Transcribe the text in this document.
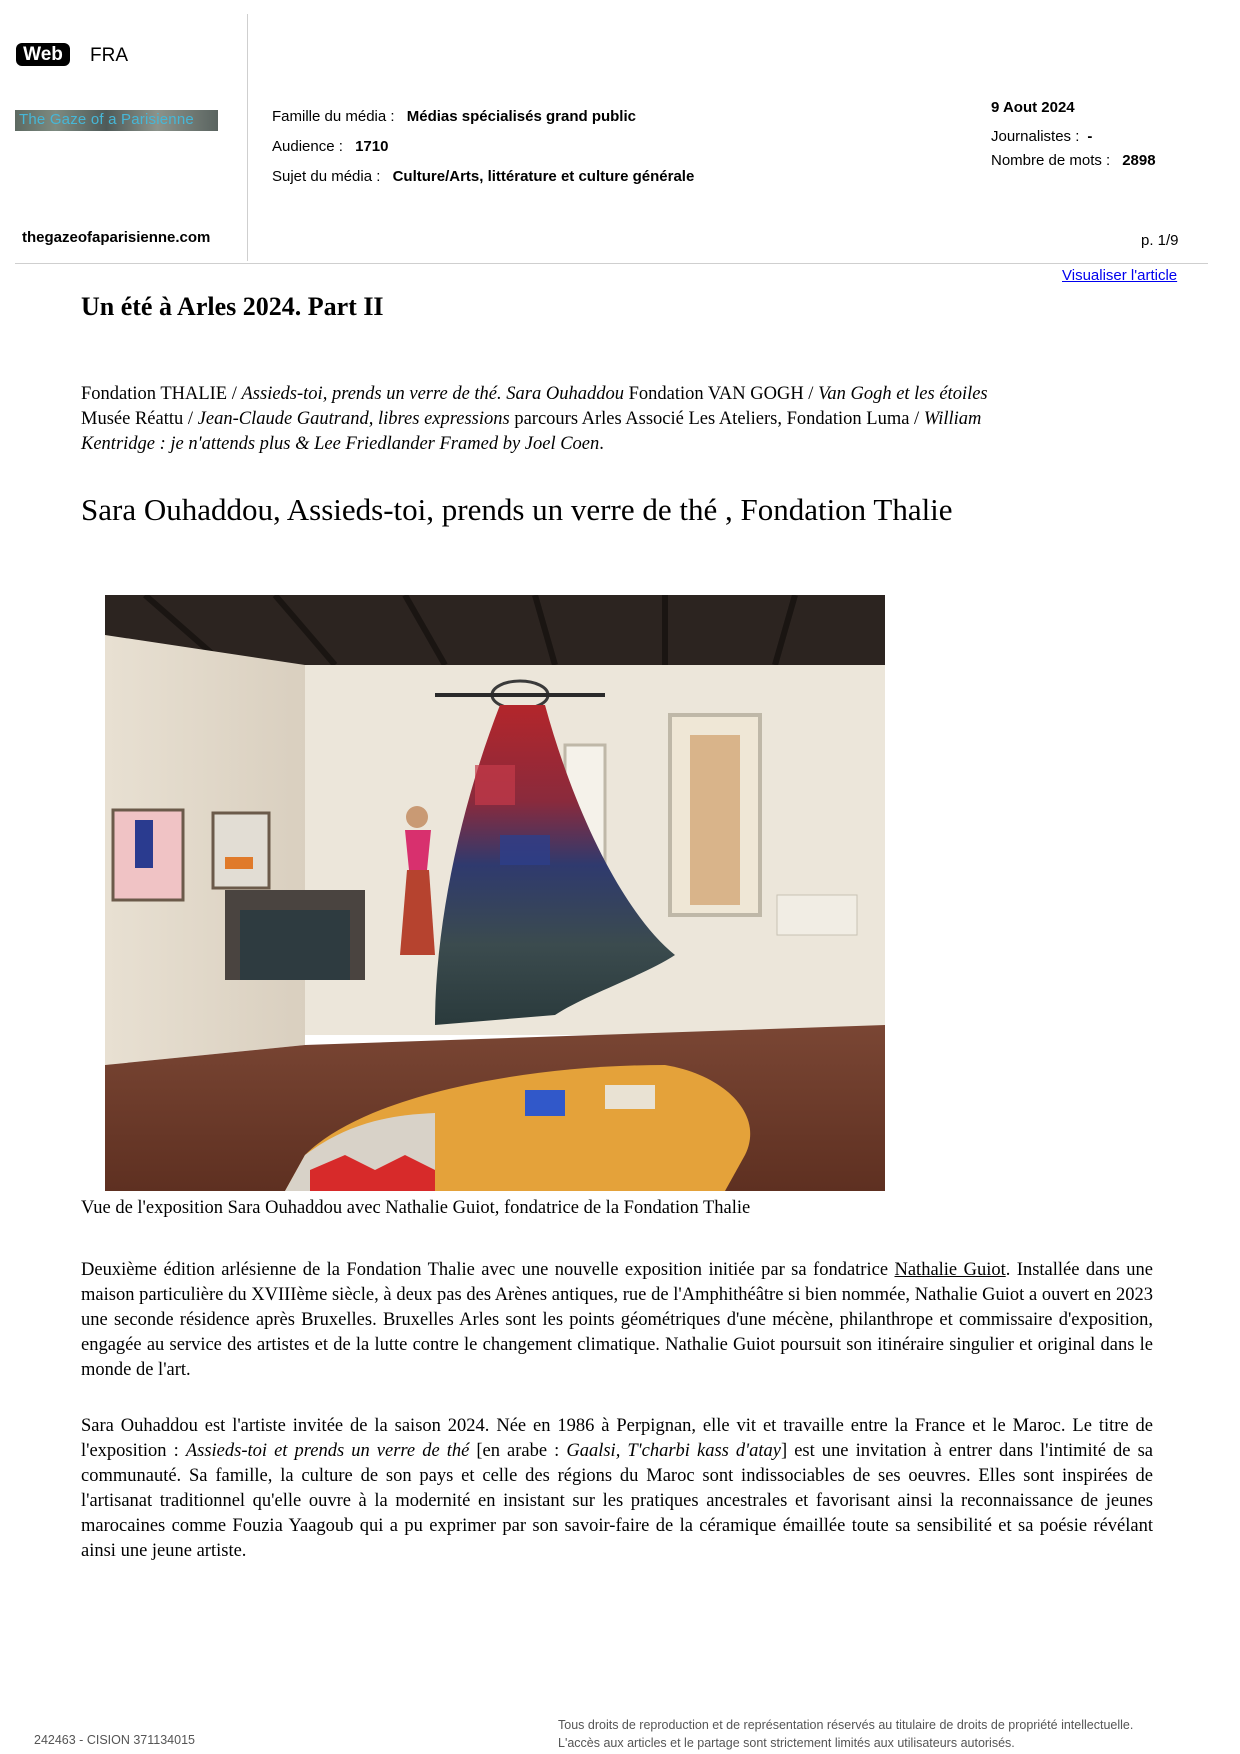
Web	FRA
The Gaze of a Parisienne
thegazeofaparisienne.com
Famille du média : Médias spécialisés grand public
Audience : 1710
Sujet du média : Culture/Arts, littérature et culture générale
9 Aout 2024
Journalistes : -
Nombre de mots : 2898
p. 1/9
Visualiser l'article
Un été à Arles 2024. Part II
Fondation THALIE / Assieds-toi, prends un verre de thé. Sara Ouhaddou Fondation VAN GOGH / Van Gogh et les étoiles
Musée Réattu / Jean-Claude Gautrand, libres expressions parcours Arles Associé Les Ateliers, Fondation Luma / William
Kentridge : je n'attends plus & Lee Friedlander Framed by Joel Coen.
Sara Ouhaddou, Assieds-toi, prends un verre de thé , Fondation Thalie
Vue de l'exposition Sara Ouhaddou avec Nathalie Guiot, fondatrice de la Fondation Thalie
Deuxième édition arlésienne de la Fondation Thalie avec une nouvelle exposition initiée par sa fondatrice Nathalie Guiot. Installée dans une maison particulière du XVIIIème siècle, à deux pas des Arènes antiques, rue de l'Amphithéâtre si bien nommée, Nathalie Guiot a ouvert en 2023 une seconde résidence après Bruxelles. Bruxelles Arles sont les points géométriques d'une mécène, philanthrope et commissaire d'exposition, engagée au service des artistes et de la lutte contre le changement climatique. Nathalie Guiot poursuit son itinéraire singulier et original dans le monde de l'art.
Sara Ouhaddou est l'artiste invitée de la saison 2024. Née en 1986 à Perpignan, elle vit et travaille entre la France et le Maroc. Le titre de l'exposition : Assieds-toi et prends un verre de thé [en arabe : Gaalsi, T'charbi kass d'atay] est une invitation à entrer dans l'intimité de sa communauté. Sa famille, la culture de son pays et celle des régions du Maroc sont indissociables de ses oeuvres. Elles sont inspirées de l'artisanat traditionnel qu'elle ouvre à la modernité en insistant sur les pratiques ancestrales et favorisant ainsi la reconnaissance de jeunes marocaines comme Fouzia Yaagoub qui a pu exprimer par son savoir-faire de la céramique émaillée toute sa sensibilité et sa poésie révélant ainsi une jeune artiste.
242463 - CISION 371134015
Tous droits de reproduction et de représentation réservés au titulaire de droits de propriété intellectuelle.
L'accès aux articles et le partage sont strictement limités aux utilisateurs autorisés.
